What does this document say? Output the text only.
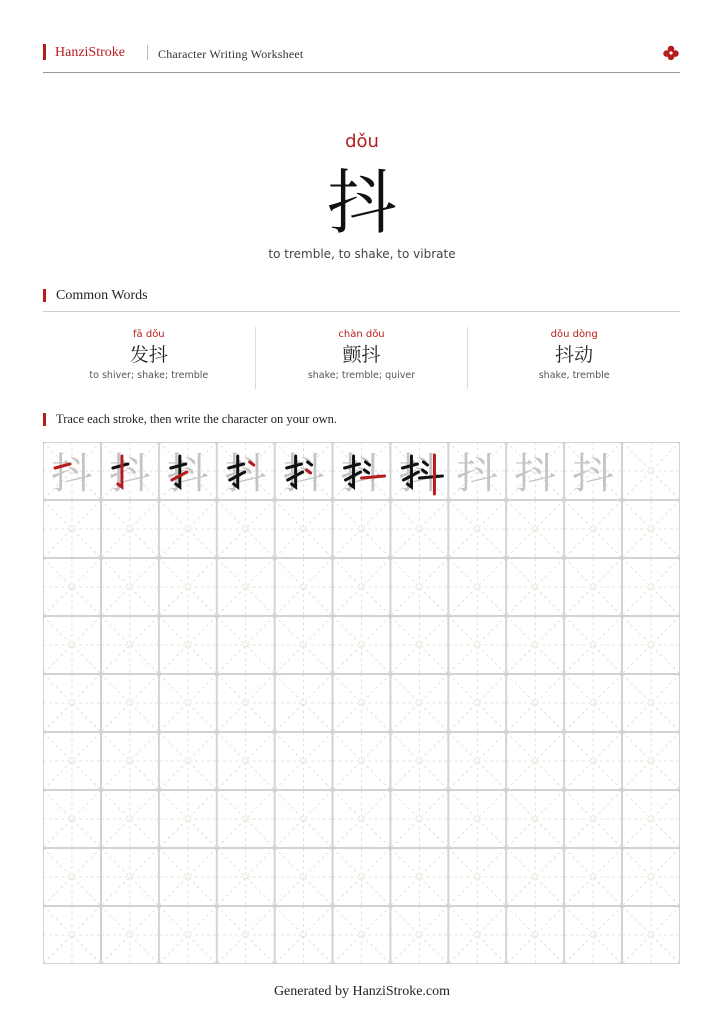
HanziStroke	Character Writing Worksheet
dǒu
抖
to tremble, to shake, to vibrate
Common Words
fā dǒu
发抖
to shiver; shake; tremble
chàn dǒu
颤抖
shake; tremble; quiver
dǒu dòng
抖动
shake, tremble
Trace each stroke, then write the character on your own.
抖 抖 抖 抖 抖 抖 抖 抖 抖 抖
Generated by HanziStroke.com
